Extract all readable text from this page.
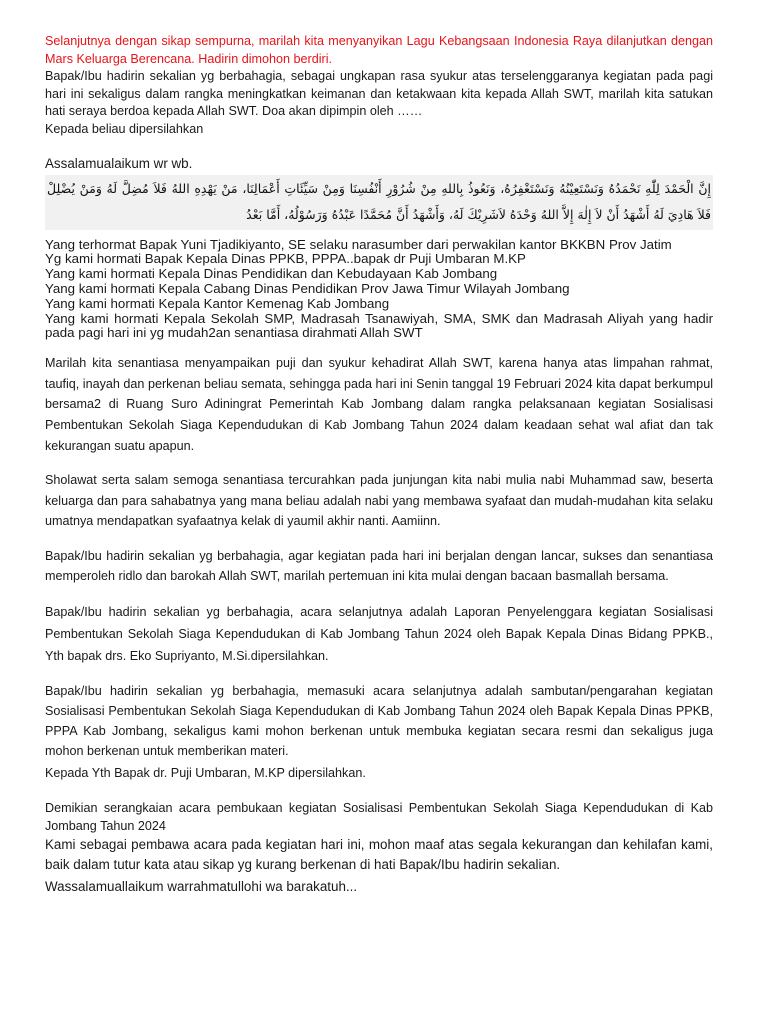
Selanjutnya dengan sikap sempurna, marilah kita menyanyikan Lagu Kebangsaan Indonesia Raya dilanjutkan dengan Mars Keluarga Berencana. Hadirin dimohon berdiri.

Bapak/Ibu hadirin sekalian yg berbahagia, sebagai ungkapan rasa syukur atas terselenggaranya kegiatan pada pagi hari ini sekaligus dalam rangka meningkatkan keimanan dan ketakwaan kita kepada Allah SWT, marilah kita satukan hati seraya berdoa kepada Allah SWT. Doa akan dipimpin oleh ……

Kepada beliau dipersilahkan

Assalamualaikum wr wb.

إِنَّ الْحَمْدَ لِلّٰهِ نَحْمَدُهُ وَنَسْتَعِيْنُهُ وَنَسْتَغْفِرُهُ، وَنَعُوذُ بِاللهِ مِنْ شُرُوْرِ أَنْفُسِنَا وَمِنْ سَيِّئَاتِ أَعْمَالِنَا، مَنْ يَهْدِهِ اللهُ فَلاَ مُضِلَّ لَهُ وَمَنْ يُضْلِلْ فَلاَ هَادِيَ لَهُ أَشْهَدُ أَنْ لاَ إِلٰهَ إِلاَّ اللهُ وَحْدَهُ لاَشَرِيْكَ لَهُ، وَأَشْهَدُ أَنَّ مُحَمَّدًا عَبْدُهُ وَرَسُوْلُهُ، أَمَّا بَعْدُ

Yang terhormat Bapak Yuni Tjadikiyanto, SE selaku narasumber dari perwakilan kantor BKKBN Prov Jatim

Yg kami hormati Bapak Kepala Dinas PPKB, PPPA..bapak dr Puji Umbaran M.KP

Yang kami hormati Kepala Dinas Pendidikan dan Kebudayaan Kab Jombang

Yang kami hormati Kepala Cabang Dinas Pendidikan Prov Jawa Timur Wilayah Jombang

Yang kami hormati Kepala Kantor Kemenag Kab Jombang

Yang kami hormati Kepala Sekolah SMP, Madrasah Tsanawiyah, SMA, SMK dan Madrasah Aliyah yang hadir pada pagi hari ini yg mudah2an senantiasa dirahmati Allah SWT

Marilah kita senantiasa menyampaikan puji dan syukur kehadirat Allah SWT, karena hanya atas limpahan rahmat, taufiq, inayah dan perkenan beliau semata, sehingga pada hari ini Senin tanggal 19 Februari 2024 kita dapat berkumpul bersama2 di Ruang Suro Adiningrat Pemerintah Kab Jombang dalam rangka pelaksanaan kegiatan Sosialisasi Pembentukan Sekolah Siaga Kependudukan di Kab Jombang Tahun 2024 dalam keadaan sehat wal afiat dan tak kekurangan suatu apapun.

Sholawat serta salam semoga senantiasa tercurahkan pada junjungan kita nabi mulia nabi Muhammad saw, beserta keluarga dan para sahabatnya yang mana beliau adalah nabi yang membawa syafaat dan mudah-mudahan kita selaku umatnya mendapatkan syafaatnya kelak di yaumil akhir nanti. Aamiinn.

Bapak/Ibu hadirin sekalian yg berbahagia, agar kegiatan pada hari ini berjalan dengan lancar, sukses dan senantiasa memperoleh ridlo dan barokah Allah SWT, marilah pertemuan ini kita mulai dengan bacaan basmallah bersama.

Bapak/Ibu hadirin sekalian yg berbahagia, acara selanjutnya adalah Laporan Penyelenggara kegiatan Sosialisasi Pembentukan Sekolah Siaga Kependudukan di Kab Jombang Tahun 2024 oleh Bapak Kepala Dinas Bidang PPKB., Yth bapak drs. Eko Supriyanto, M.Si.dipersilahkan.

Bapak/Ibu hadirin sekalian yg berbahagia, memasuki acara selanjutnya adalah sambutan/pengarahan kegiatan Sosialisasi Pembentukan Sekolah Siaga Kependudukan di Kab Jombang Tahun 2024 oleh Bapak Kepala Dinas PPKB, PPPA Kab Jombang, sekaligus kami mohon berkenan untuk membuka kegiatan secara resmi dan sekaligus juga mohon berkenan untuk memberikan materi.

Kepada Yth Bapak dr. Puji Umbaran, M.KP dipersilahkan.

Demikian serangkaian acara pembukaan kegiatan Sosialisasi Pembentukan Sekolah Siaga Kependudukan di Kab Jombang Tahun 2024

Kami sebagai pembawa acara pada kegiatan hari ini, mohon maaf atas segala kekurangan dan kehilafan kami, baik dalam tutur kata atau sikap yg kurang berkenan di hati Bapak/Ibu hadirin sekalian.

Wassalamuallaikum warrahmatullohi wa barakatuh...
